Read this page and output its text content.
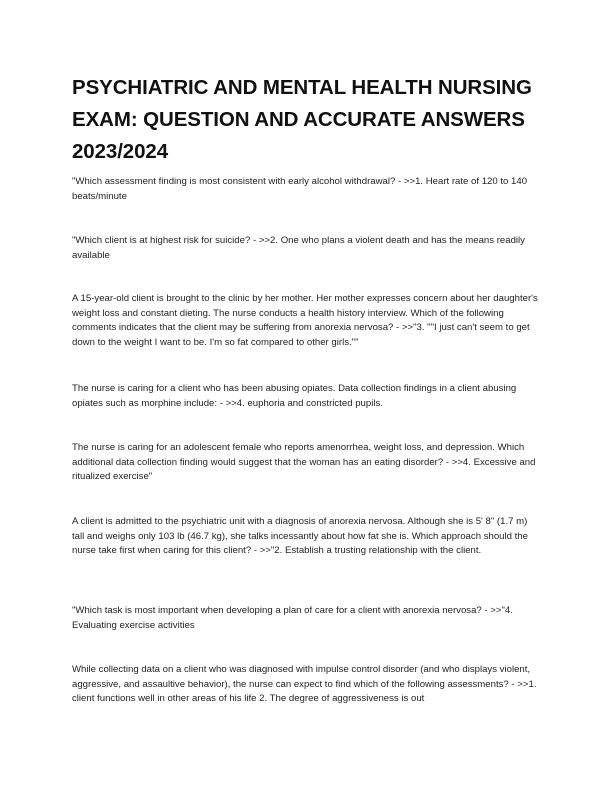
PSYCHIATRIC AND MENTAL HEALTH NURSING EXAM: QUESTION AND ACCURATE ANSWERS 2023/2024

"Which assessment finding is most consistent with early alcohol withdrawal? - >>1. Heart rate of 120 to 140 beats/minute

"Which client is at highest risk for suicide? - >>2. One who plans a violent death and has the means readily available

A 15-year-old client is brought to the clinic by her mother. Her mother expresses concern about her daughter's weight loss and constant dieting. The nurse conducts a health history interview. Which of the following comments indicates that the client may be suffering from anorexia nervosa? - >>"3. ""I just can't seem to get down to the weight I want to be. I'm so fat compared to other girls.""

The nurse is caring for a client who has been abusing opiates. Data collection findings in a client abusing opiates such as morphine include: - >>4. euphoria and constricted pupils.

The nurse is caring for an adolescent female who reports amenorrhea, weight loss, and depression. Which additional data collection finding would suggest that the woman has an eating disorder? - >>4. Excessive and ritualized exercise"

A client is admitted to the psychiatric unit with a diagnosis of anorexia nervosa. Although she is 5' 8" (1.7 m) tall and weighs only 103 lb (46.7 kg), she talks incessantly about how fat she is. Which approach should the nurse take first when caring for this client? - >>"2. Establish a trusting relationship with the client.

"Which task is most important when developing a plan of care for a client with anorexia nervosa? - >>"4. Evaluating exercise activities

While collecting data on a client who was diagnosed with impulse control disorder (and who displays violent, aggressive, and assaultive behavior), the nurse can expect to find which of the following assessments? - >>1. client functions well in other areas of his life 2. The degree of aggressiveness is out
